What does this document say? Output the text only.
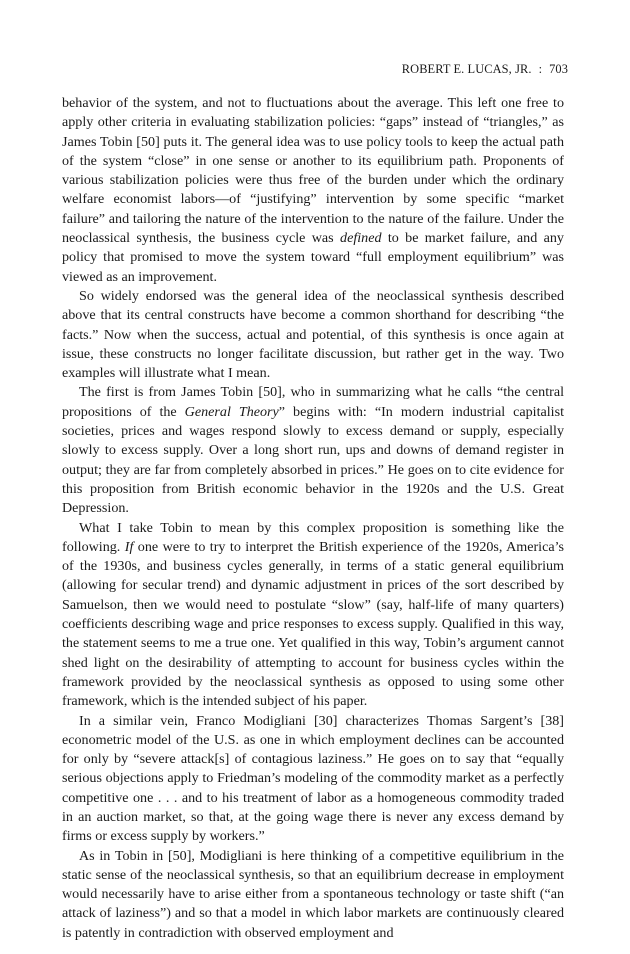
ROBERT E. LUCAS, JR. : 703

behavior of the system, and not to fluctuations about the average. This left one free to apply other criteria in evaluating stabilization policies: “gaps” instead of “triangles,” as James Tobin [50] puts it. The general idea was to use policy tools to keep the actual path of the system “close” in one sense or another to its equilibrium path. Proponents of various stabilization policies were thus free of the burden under which the ordinary welfare economist labors—of “justifying” intervention by some specific “market failure” and tailoring the nature of the intervention to the nature of the failure. Under the neoclassical synthesis, the business cycle was defined to be market failure, and any policy that promised to move the system toward “full employment equilibrium” was viewed as an improvement.

So widely endorsed was the general idea of the neoclassical synthesis described above that its central constructs have become a common shorthand for describing “the facts.” Now when the success, actual and potential, of this synthesis is once again at issue, these constructs no longer facilitate discussion, but rather get in the way. Two examples will illustrate what I mean.

The first is from James Tobin [50], who in summarizing what he calls “the central propositions of the General Theory” begins with: “In modern industrial capitalist societies, prices and wages respond slowly to excess demand or supply, especially slowly to excess supply. Over a long short run, ups and downs of demand register in output; they are far from completely absorbed in prices.” He goes on to cite evidence for this proposition from British economic behavior in the 1920s and the U.S. Great Depression.

What I take Tobin to mean by this complex proposition is something like the following. If one were to try to interpret the British experience of the 1920s, America’s of the 1930s, and business cycles generally, in terms of a static general equilibrium (allowing for secular trend) and dynamic adjustment in prices of the sort described by Samuelson, then we would need to postulate “slow” (say, half-life of many quarters) coefficients describing wage and price responses to excess supply. Qualified in this way, the statement seems to me a true one. Yet qualified in this way, Tobin’s argument cannot shed light on the desirability of attempting to account for business cycles within the framework provided by the neoclassical synthesis as opposed to using some other framework, which is the intended subject of his paper.

In a similar vein, Franco Modigliani [30] characterizes Thomas Sargent’s [38] econometric model of the U.S. as one in which employment declines can be accounted for only by “severe attack[s] of contagious laziness.” He goes on to say that “equally serious objections apply to Friedman’s modeling of the commodity market as a perfectly competitive one . . . and to his treatment of labor as a homogeneous commodity traded in an auction market, so that, at the going wage there is never any excess demand by firms or excess supply by workers.”

As in Tobin in [50], Modigliani is here thinking of a competitive equilibrium in the static sense of the neoclassical synthesis, so that an equilibrium decrease in employment would necessarily have to arise either from a spontaneous technology or taste shift (“an attack of laziness”) and so that a model in which labor markets are continuously cleared is patently in contradiction with observed employment and
